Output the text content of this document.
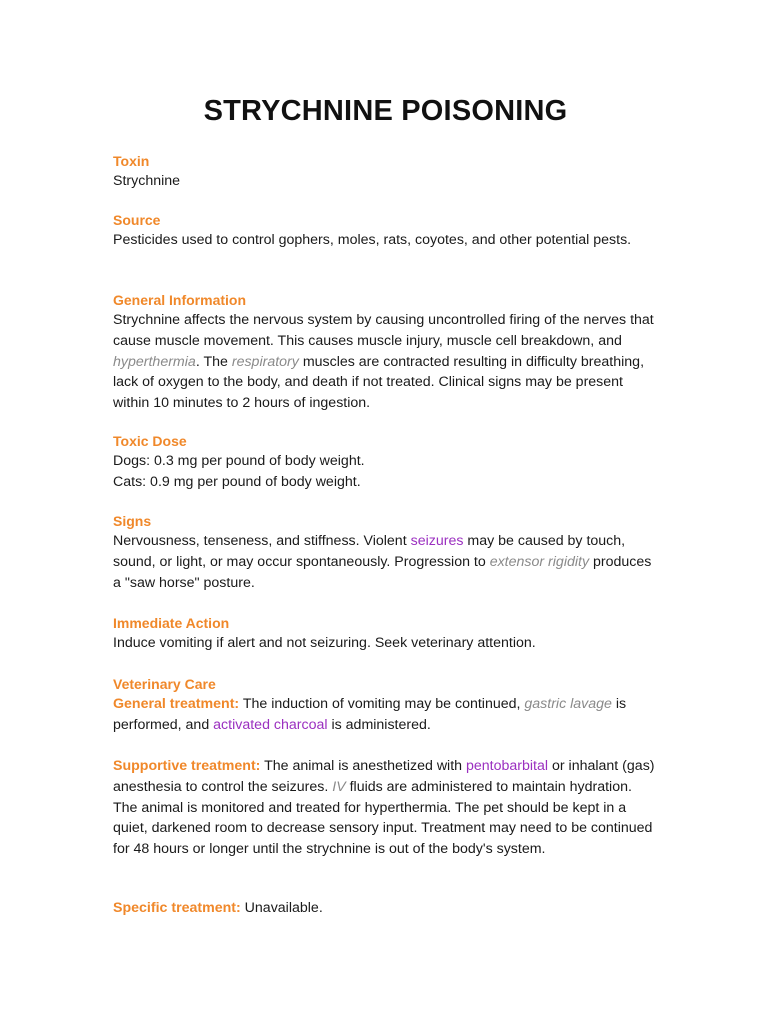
STRYCHNINE POISONING

Toxin

Strychnine

Source

Pesticides used to control gophers, moles, rats, coyotes, and other potential pests.

General Information

Strychnine affects the nervous system by causing uncontrolled firing of the nerves that cause muscle movement. This causes muscle injury, muscle cell breakdown, and hyperthermia. The respiratory muscles are contracted resulting in difficulty breathing, lack of oxygen to the body, and death if not treated. Clinical signs may be present within 10 minutes to 2 hours of ingestion.

Toxic Dose

Dogs: 0.3 mg per pound of body weight.

Cats: 0.9 mg per pound of body weight.

Signs

Nervousness, tenseness, and stiffness. Violent seizures may be caused by touch, sound, or light, or may occur spontaneously. Progression to extensor rigidity produces a "saw horse" posture.

Immediate Action

Induce vomiting if alert and not seizuring. Seek veterinary attention.

Veterinary Care

General treatment: The induction of vomiting may be continued, gastric lavage is performed, and activated charcoal is administered.

Supportive treatment: The animal is anesthetized with pentobarbital or inhalant (gas) anesthesia to control the seizures. IV fluids are administered to maintain hydration. The animal is monitored and treated for hyperthermia. The pet should be kept in a quiet, darkened room to decrease sensory input. Treatment may need to be continued for 48 hours or longer until the strychnine is out of the body's system.

Specific treatment: Unavailable.
